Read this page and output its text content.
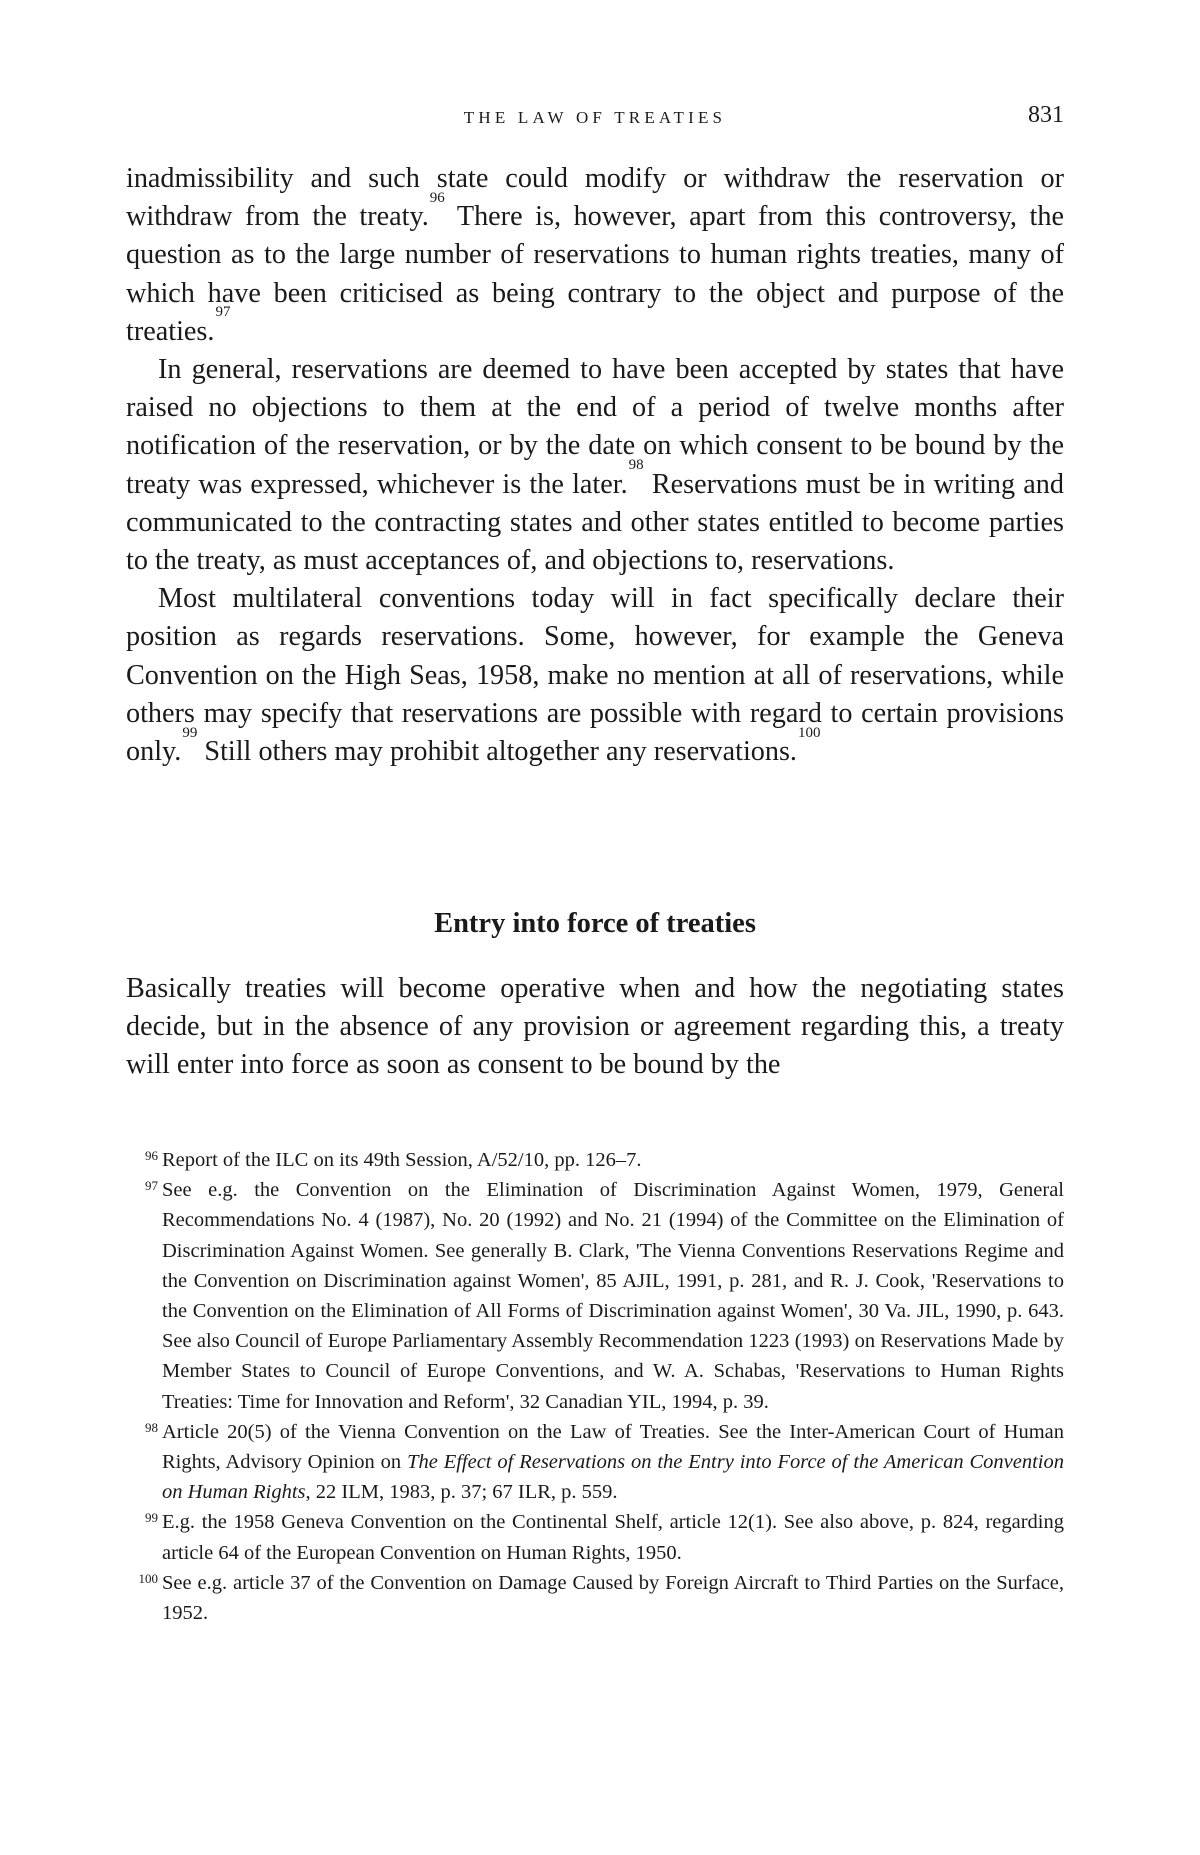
THE LAW OF TREATIES	831

inadmissibility and such state could modify or withdraw the reservation or withdraw from the treaty.$^{96}$ There is, however, apart from this controversy, the question as to the large number of reservations to human rights treaties, many of which have been criticised as being contrary to the object and purpose of the treaties.$^{97}$

In general, reservations are deemed to have been accepted by states that have raised no objections to them at the end of a period of twelve months after notification of the reservation, or by the date on which consent to be bound by the treaty was expressed, whichever is the later.$^{98}$ Reservations must be in writing and communicated to the contracting states and other states entitled to become parties to the treaty, as must acceptances of, and objections to, reservations.

Most multilateral conventions today will in fact specifically declare their position as regards reservations. Some, however, for example the Geneva Convention on the High Seas, 1958, make no mention at all of reservations, while others may specify that reservations are possible with regard to certain provisions only.$^{99}$ Still others may prohibit altogether any reservations.$^{100}$

Entry into force of treaties

Basically treaties will become operative when and how the negotiating states decide, but in the absence of any provision or agreement regarding this, a treaty will enter into force as soon as consent to be bound by the

96 Report of the ILC on its 49th Session, A/52/10, pp. 126–7.

97 See e.g. the Convention on the Elimination of Discrimination Against Women, 1979, General Recommendations No. 4 (1987), No. 20 (1992) and No. 21 (1994) of the Committee on the Elimination of Discrimination Against Women. See generally B. Clark, 'The Vienna Conventions Reservations Regime and the Convention on Discrimination against Women', 85 AJIL, 1991, p. 281, and R. J. Cook, 'Reservations to the Convention on the Elimination of All Forms of Discrimination against Women', 30 Va. JIL, 1990, p. 643. See also Council of Europe Parliamentary Assembly Recommendation 1223 (1993) on Reservations Made by Member States to Council of Europe Conventions, and W. A. Schabas, 'Reservations to Human Rights Treaties: Time for Innovation and Reform', 32 Canadian YIL, 1994, p. 39.

98 Article 20(5) of the Vienna Convention on the Law of Treaties. See the Inter-American Court of Human Rights, Advisory Opinion on The Effect of Reservations on the Entry into Force of the American Convention on Human Rights, 22 ILM, 1983, p. 37; 67 ILR, p. 559.

99 E.g. the 1958 Geneva Convention on the Continental Shelf, article 12(1). See also above, p. 824, regarding article 64 of the European Convention on Human Rights, 1950.

100 See e.g. article 37 of the Convention on Damage Caused by Foreign Aircraft to Third Parties on the Surface, 1952.
